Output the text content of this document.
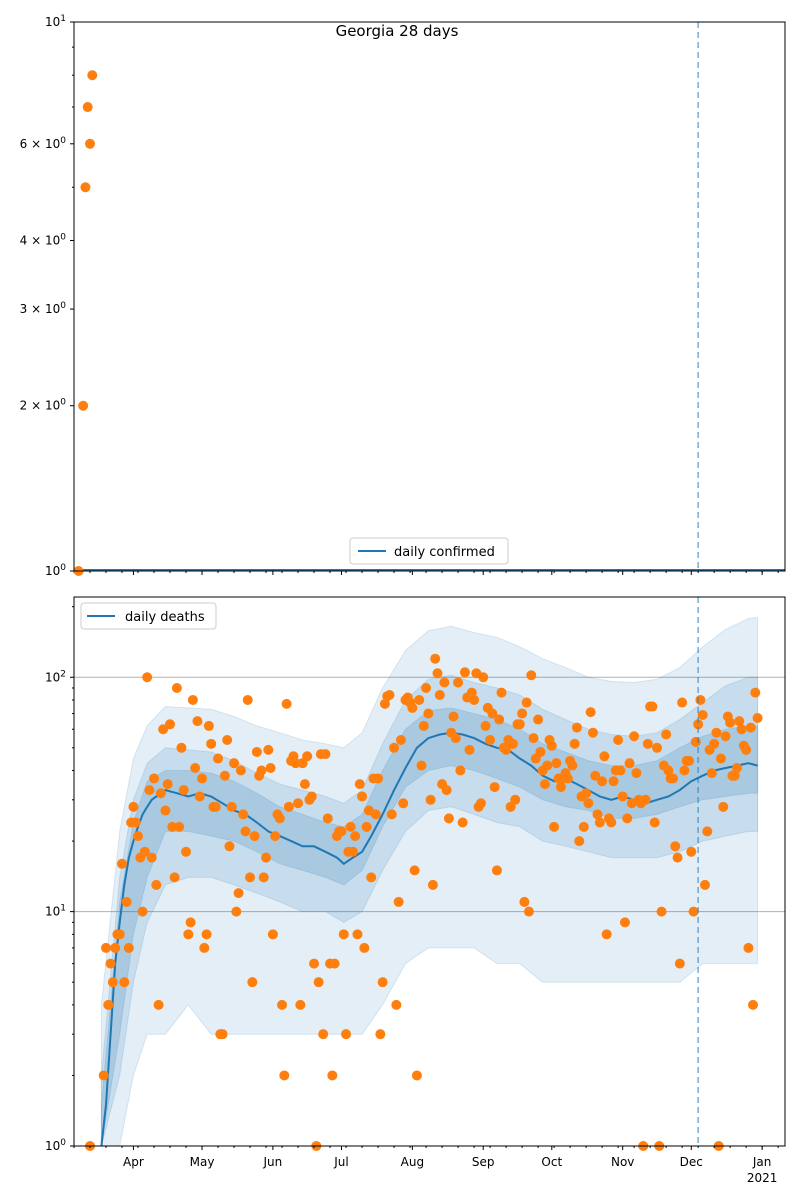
$10^0$
$2 \times 10^0$
$3 \times 10^0$
$4 \times 10^0$
$6 \times 10^0$
$10^1$
Georgia 28 days
daily confirmed
$10^0$
$10^1$
$10^2$
Apr	May	Jun	Jul	Aug	Sep	Oct	Nov	Dec	Jan
2021
daily deaths
